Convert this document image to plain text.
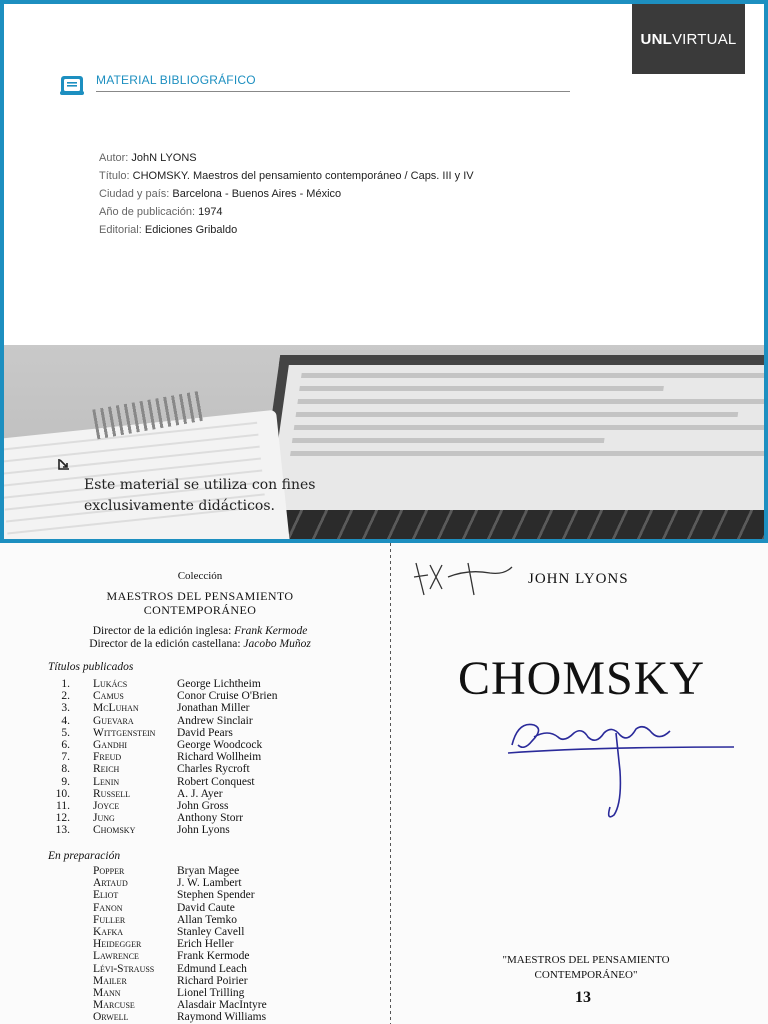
UNL VIRTUAL
MATERIAL BIBLIOGRÁFICO
Autor: JohN LYONS
Título: CHOMSKY. Maestros del pensamiento contemporáneo / Caps. III y IV
Ciudad y país: Barcelona - Buenos Aires - México
Año de publicación: 1974
Editorial: Ediciones Gribaldo
Este material se utiliza con fines
exclusivamente didácticos.
Colección
MAESTROS DEL PENSAMIENTO
CONTEMPORÁNEO
Director de la edición inglesa: Frank Kermode
Director de la edición castellana: Jacobo Muñoz
Títulos publicados
1. Lukács	George Lichtheim
2. Camus	Conor Cruise O'Brien
3. McLuhan	Jonathan Miller
4. Guevara	Andrew Sinclair
5. Wittgenstein David Pears
6. Gandhi	George Woodcock
7. Freud	Richard Wollheim
8. Reich	Charles Rycroft
9. Lenin	Robert Conquest
10. Russell	A. J. Ayer
11. Joyce	John Gross
12. Jung	Anthony Storr
13. Chomsky	John Lyons
En preparación
Popper	Bryan Magee
Artaud	J. W. Lambert
Eliot	Stephen Spender
Fanon	David Caute
Fuller	Allan Temko
Kafka	Stanley Cavell
Heidegger	Erich Heller
Lawrence	Frank Kermode
Lévi-Strauss Edmund Leach
Mailer	Richard Poirier
Mann	Lionel Trilling
Marcuse	Alasdair MacIntyre
Orwell	Raymond Williams
JOHN LYONS
CHOMSKY
"MAESTROS DEL PENSAMIENTO
CONTEMPORÁNEO"
13
